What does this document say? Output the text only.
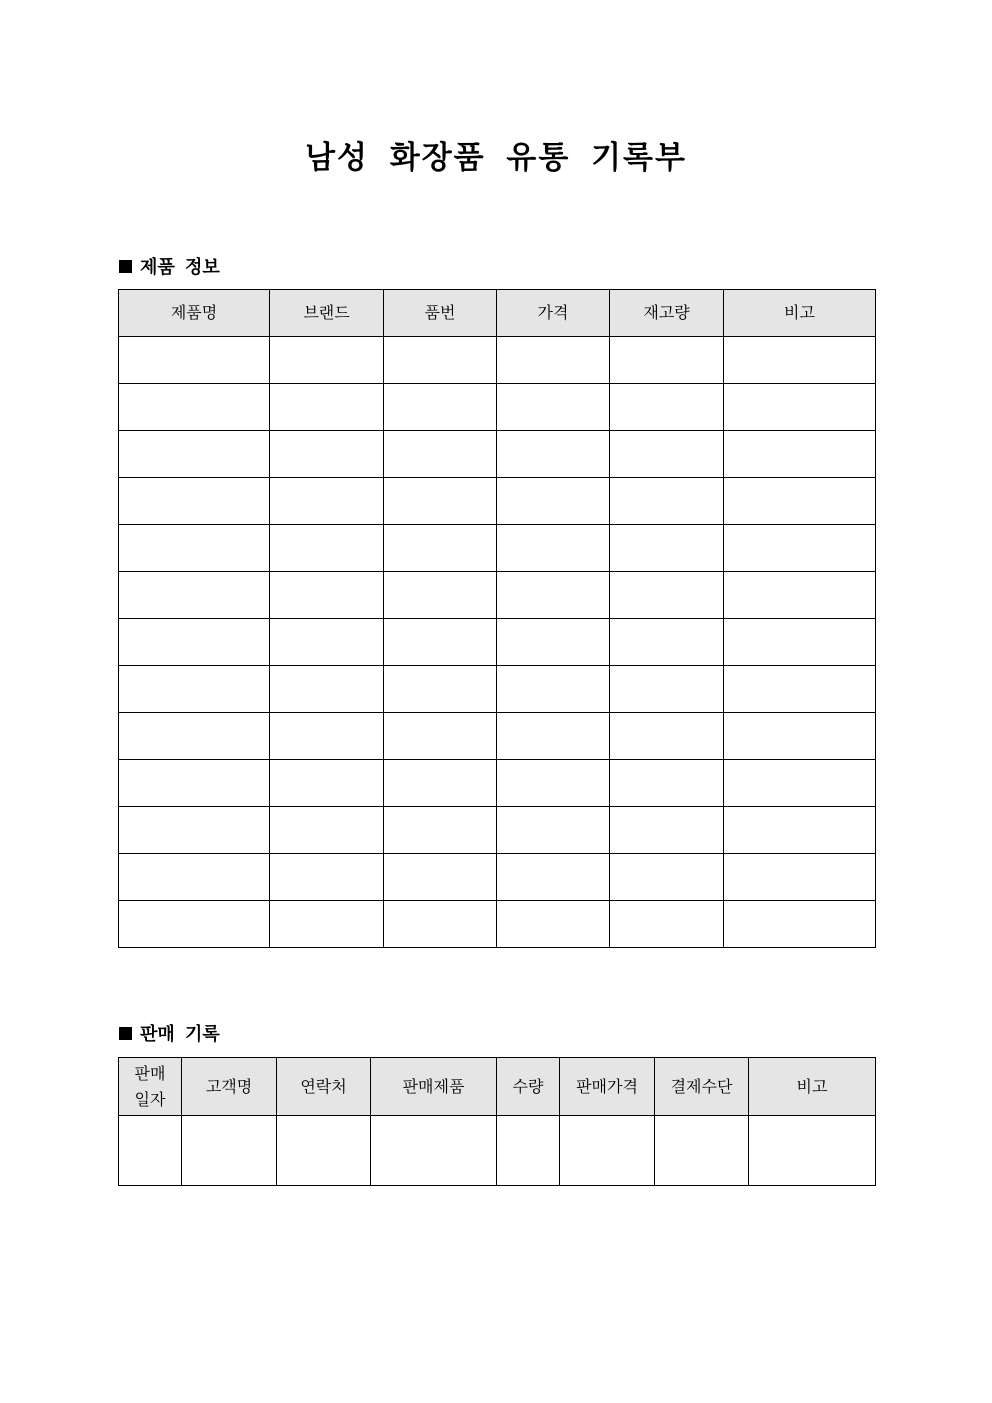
남성 화장품 유통 기록부
제품 정보
제품명	브랜드	품번	가격	재고량	비고

판매 기록
판매일자	고객명	연락처	판매제품	수량	판매가격	결제수단	비고
